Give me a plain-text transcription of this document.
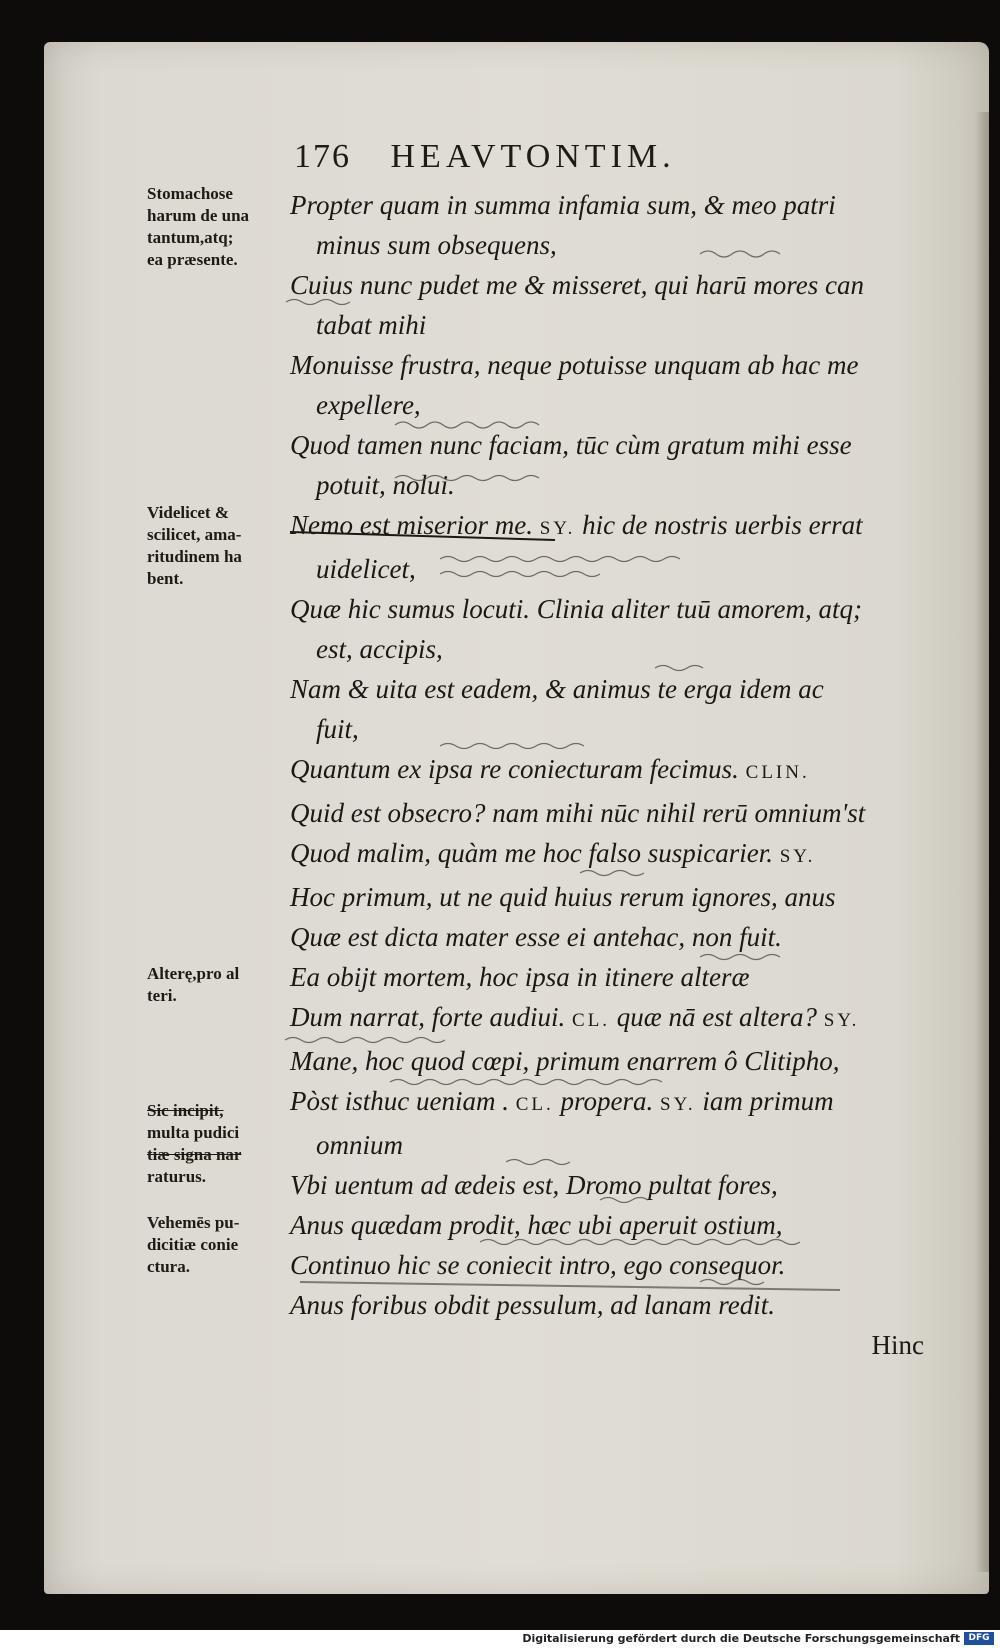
176 HEAVTONTIM.
Stomachose
harum de una
tantum,atq;
ea præsente.
Videlicet &
scilicet, ama-
ritudinem ha
bent.
Alterę,pro al
teri.
Sic incipit,
multa pudici
tiæ signa nar
raturus.
Vehemēs pu-
dicitiæ conie
ctura.

Propter quam in summa infamia sum, & meo patri

minus sum obsequens,

Cuius nunc pudet me & misseret, qui harū mores can

tabat mihi

Monuisse frustra, neque potuisse unquam ab hac me

expellere,

Quod tamen nunc faciam, tūc cùm gratum mihi esse

potuit, nolui.

Nemo est miserior me. SY. hic de nostris uerbis errat

uidelicet,

Quæ hic sumus locuti. Clinia aliter tuū amorem, atq;

est, accipis,

Nam & uita est eadem, & animus te erga idem ac

fuit,

Quantum ex ipsa re coniecturam fecimus. CLIN.

Quid est obsecro? nam mihi nūc nihil rerū omnium'st

Quod malim, quàm me hoc falso suspicarier. SY.

Hoc primum, ut ne quid huius rerum ignores, anus

Quæ est dicta mater esse ei antehac, non fuit.

Ea obijt mortem, hoc ipsa in itinere alteræ

Dum narrat, forte audiui. CL. quæ nā est altera? SY.

Mane, hoc quod cœpi, primum enarrem ô Clitipho,

Pòst isthuc ueniam . CL. propera. SY. iam primum

omnium

Vbi uentum ad ædeis est, Dromo pultat fores,

Anus quædam prodit, hæc ubi aperuit ostium,

Continuo hic se coniecit intro, ego consequor.

Anus foribus obdit pessulum, ad lanam redit.

Hinc
Digitalisierung gefördert durch die Deutsche Forschungsgemeinschaft DFG
